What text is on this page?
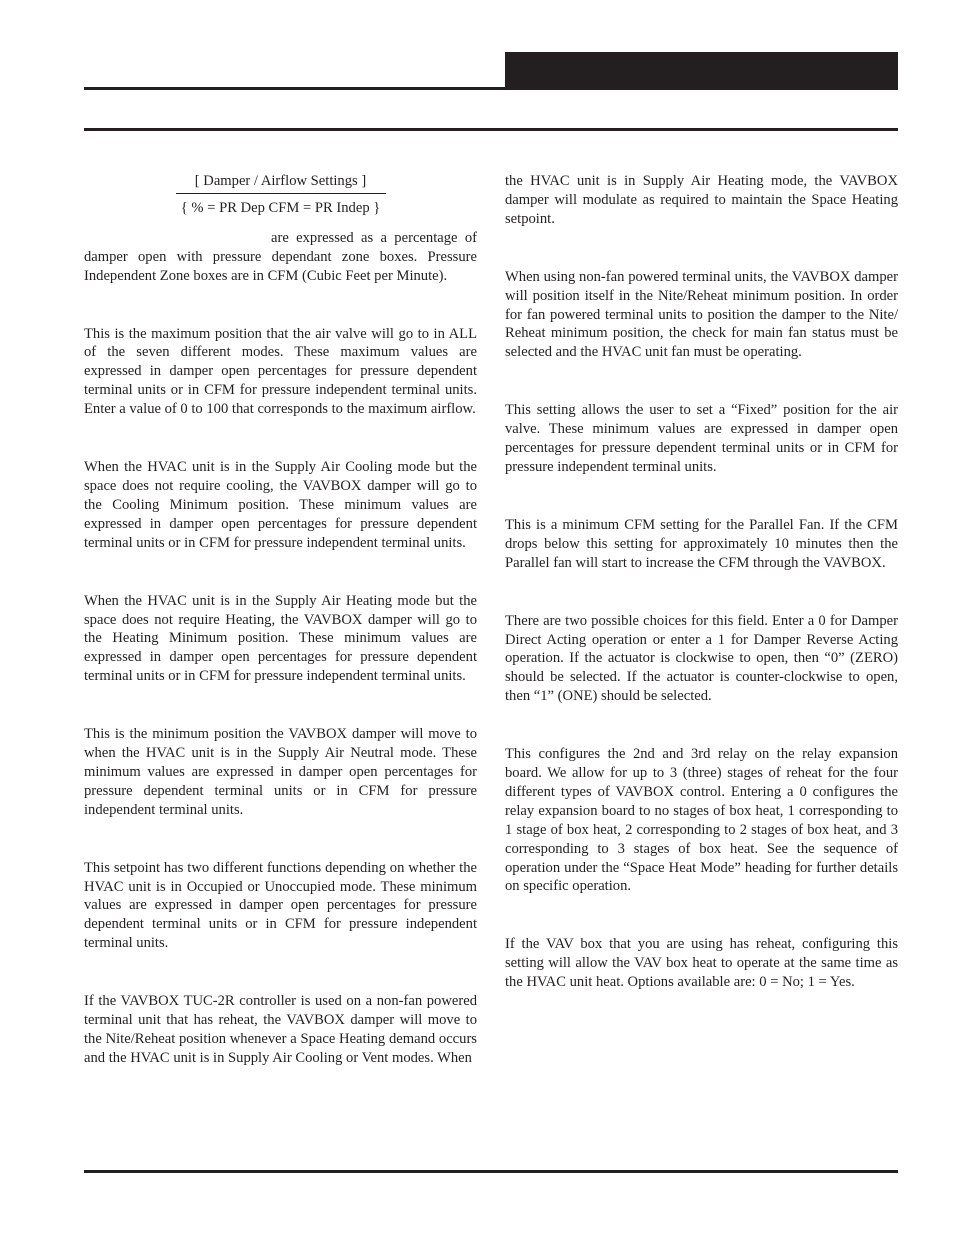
[ Damper / Airflow Settings ]

{ % = PR Dep CFM = PR Indep }

are expressed as a percentage of damper open with pressure dependant zone boxes. Pressure Independent Zone boxes are in CFM (Cubic Feet per Minute).

This is the maximum position that the air valve will go to in ALL of the seven different modes. These maximum values are expressed in damper open percentages for pressure dependent terminal units or in CFM for pressure independent terminal units. Enter a value of 0 to 100 that corresponds to the maximum airflow.

When the HVAC unit is in the Supply Air Cooling mode but the space does not require cooling, the VAVBOX damper will go to the Cooling Minimum position. These minimum values are expressed in damper open percentages for pressure dependent terminal units or in CFM for pressure independent terminal units.

When the HVAC unit is in the Supply Air Heating mode but the space does not require Heating, the VAVBOX damper will go to the Heating Minimum position. These minimum values are expressed in damper open percentages for pressure dependent terminal units or in CFM for pressure independent terminal units.

This is the minimum position the VAVBOX damper will move to when the HVAC unit is in the Supply Air Neutral mode. These minimum values are expressed in damper open percentages for pressure dependent terminal units or in CFM for pressure independent terminal units.

This setpoint has two different functions depending on whether the HVAC unit is in Occupied or Unoccupied mode. These minimum values are expressed in damper open percentages for pressure dependent terminal units or in CFM for pressure independent terminal units.

If the VAVBOX TUC-2R controller is used on a non-fan powered terminal unit that has reheat, the VAVBOX damper will move to the Nite/Reheat position whenever a Space Heating demand occurs and the HVAC unit is in Supply Air Cooling or Vent modes. When

the HVAC unit is in Supply Air Heating mode, the VAVBOX damper will modulate as required to maintain the Space Heating setpoint.

When using non-fan powered terminal units, the VAVBOX damper will position itself in the Nite/Reheat minimum position. In order for fan powered terminal units to position the damper to the Nite/ Reheat minimum position, the check for main fan status must be selected and the HVAC unit fan must be operating.

This setting allows the user to set a “Fixed” position for the air valve. These minimum values are expressed in damper open percentages for pressure dependent terminal units or in CFM for pressure independent terminal units.

This is a minimum CFM setting for the Parallel Fan. If the CFM drops below this setting for approximately 10 minutes then the Parallel fan will start to increase the CFM through the VAVBOX.

There are two possible choices for this field. Enter a 0 for Damper Direct Acting operation or enter a 1 for Damper Reverse Acting operation. If the actuator is clockwise to open, then “0” (ZERO) should be selected. If the actuator is counter-clockwise to open, then “1” (ONE) should be selected.

This configures the 2nd and 3rd relay on the relay expansion board. We allow for up to 3 (three) stages of reheat for the four different types of VAVBOX control. Entering a 0 configures the relay expansion board to no stages of box heat, 1 corresponding to 1 stage of box heat, 2 corresponding to 2 stages of box heat, and 3 corresponding to 3 stages of box heat. See the sequence of operation under the “Space Heat Mode” heading for further details on specific operation.

If the VAV box that you are using has reheat, configuring this setting will allow the VAV box heat to operate at the same time as the HVAC unit heat. Options available are: 0 = No; 1 = Yes.
